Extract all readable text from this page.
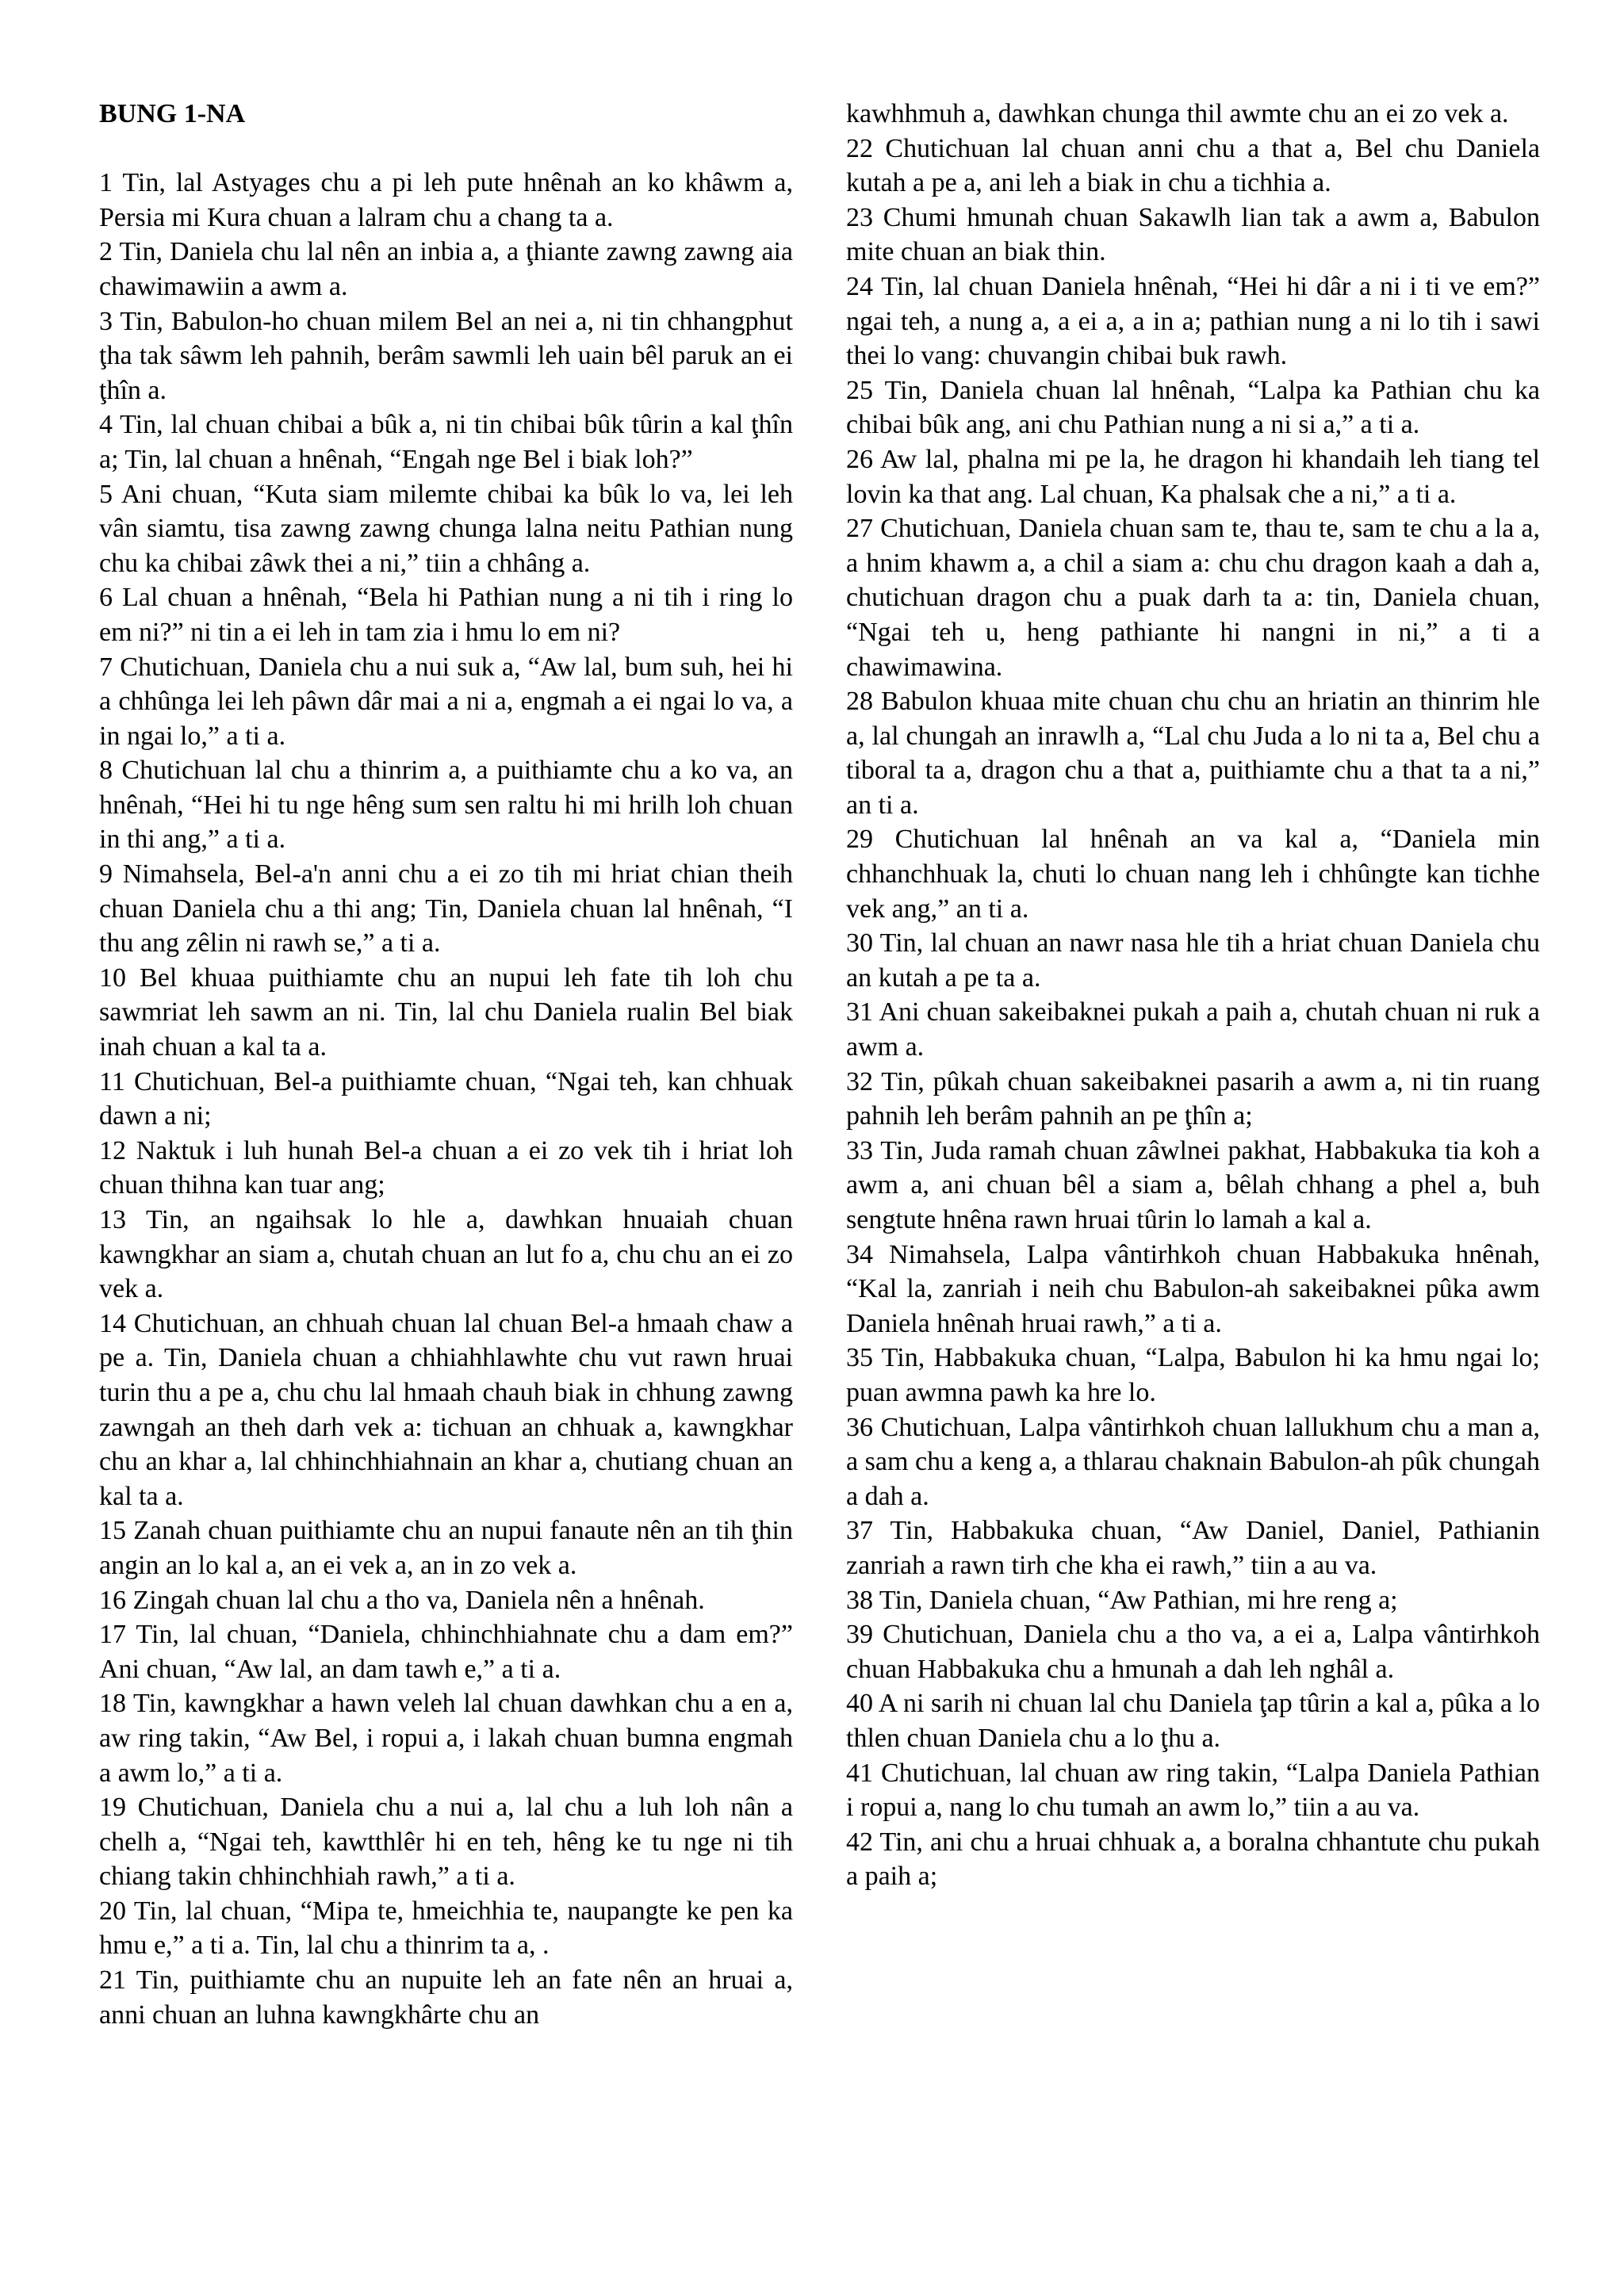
BUNG 1-NA

1 Tin, lal Astyages chu a pi leh pute hnênah an ko khâwm a, Persia mi Kura chuan a lalram chu a chang ta a.

2 Tin, Daniela chu lal nên an inbia a, a ţhiante zawng zawng aia chawimawiin a awm a.

3 Tin, Babulon-ho chuan milem Bel an nei a, ni tin chhangphut ţha tak sâwm leh pahnih, berâm sawmli leh uain bêl paruk an ei ţhîn a.

4 Tin, lal chuan chibai a bûk a, ni tin chibai bûk tûrin a kal ţhîn a; Tin, lal chuan a hnênah, “Engah nge Bel i biak loh?”

5 Ani chuan, “Kuta siam milemte chibai ka bûk lo va, lei leh vân siamtu, tisa zawng zawng chunga lalna neitu Pathian nung chu ka chibai zâwk thei a ni,” tiin a chhâng a.

6 Lal chuan a hnênah, “Bela hi Pathian nung a ni tih i ring lo em ni?” ni tin a ei leh in tam zia i hmu lo em ni?

7 Chutichuan, Daniela chu a nui suk a, “Aw lal, bum suh, hei hi a chhûnga lei leh pâwn dâr mai a ni a, engmah a ei ngai lo va, a in ngai lo,” a ti a.

8 Chutichuan lal chu a thinrim a, a puithiamte chu a ko va, an hnênah, “Hei hi tu nge hêng sum sen raltu hi mi hrilh loh chuan in thi ang,” a ti a.

9 Nimahsela, Bel-a'n anni chu a ei zo tih mi hriat chian theih chuan Daniela chu a thi ang; Tin, Daniela chuan lal hnênah, “I thu ang zêlin ni rawh se,” a ti a.

10 Bel khuaa puithiamte chu an nupui leh fate tih loh chu sawmriat leh sawm an ni. Tin, lal chu Daniela rualin Bel biak inah chuan a kal ta a.

11 Chutichuan, Bel-a puithiamte chuan, “Ngai teh, kan chhuak dawn a ni;

12 Naktuk i luh hunah Bel-a chuan a ei zo vek tih i hriat loh chuan thihna kan tuar ang;

13 Tin, an ngaihsak lo hle a, dawhkan hnuaiah chuan kawngkhar an siam a, chutah chuan an lut fo a, chu chu an ei zo vek a.

14 Chutichuan, an chhuah chuan lal chuan Bel-a hmaah chaw a pe a. Tin, Daniela chuan a chhiahhlawhte chu vut rawn hruai turin thu a pe a, chu chu lal hmaah chauh biak in chhung zawng zawngah an theh darh vek a: tichuan an chhuak a, kawngkhar chu an khar a, lal chhinchhiahnain an khar a, chutiang chuan an kal ta a.

15 Zanah chuan puithiamte chu an nupui fanaute nên an tih ţhin angin an lo kal a, an ei vek a, an in zo vek a.

16 Zingah chuan lal chu a tho va, Daniela nên a hnênah.

17 Tin, lal chuan, “Daniela, chhinchhiahnate chu a dam em?” Ani chuan, “Aw lal, an dam tawh e,” a ti a.

18 Tin, kawngkhar a hawn veleh lal chuan dawhkan chu a en a, aw ring takin, “Aw Bel, i ropui a, i lakah chuan bumna engmah a awm lo,” a ti a.

19 Chutichuan, Daniela chu a nui a, lal chu a luh loh nân a chelh a, “Ngai teh, kawtthlêr hi en teh, hêng ke tu nge ni tih chiang takin chhinchhiah rawh,” a ti a.

20 Tin, lal chuan, “Mipa te, hmeichhia te, naupangte ke pen ka hmu e,” a ti a. Tin, lal chu a thinrim ta a, .

21 Tin, puithiamte chu an nupuite leh an fate nên an hruai a, anni chuan an luhna kawngkhârte chu an

kawhhmuh a, dawhkan chunga thil awmte chu an ei zo vek a.

22 Chutichuan lal chuan anni chu a that a, Bel chu Daniela kutah a pe a, ani leh a biak in chu a tichhia a.

23 Chumi hmunah chuan Sakawlh lian tak a awm a, Babulon mite chuan an biak thin.

24 Tin, lal chuan Daniela hnênah, “Hei hi dâr a ni i ti ve em?” ngai teh, a nung a, a ei a, a in a; pathian nung a ni lo tih i sawi thei lo vang: chuvangin chibai buk rawh.

25 Tin, Daniela chuan lal hnênah, “Lalpa ka Pathian chu ka chibai bûk ang, ani chu Pathian nung a ni si a,” a ti a.

26 Aw lal, phalna mi pe la, he dragon hi khandaih leh tiang tel lovin ka that ang. Lal chuan, Ka phalsak che a ni,” a ti a.

27 Chutichuan, Daniela chuan sam te, thau te, sam te chu a la a, a hnim khawm a, a chil a siam a: chu chu dragon kaah a dah a, chutichuan dragon chu a puak darh ta a: tin, Daniela chuan, “Ngai teh u, heng pathiante hi nangni in ni,” a ti a chawimawina.

28 Babulon khuaa mite chuan chu chu an hriatin an thinrim hle a, lal chungah an inrawlh a, “Lal chu Juda a lo ni ta a, Bel chu a tiboral ta a, dragon chu a that a, puithiamte chu a that ta a ni,” an ti a.

29 Chutichuan lal hnênah an va kal a, “Daniela min chhanchhuak la, chuti lo chuan nang leh i chhûngte kan tichhe vek ang,” an ti a.

30 Tin, lal chuan an nawr nasa hle tih a hriat chuan Daniela chu an kutah a pe ta a.

31 Ani chuan sakeibaknei pukah a paih a, chutah chuan ni ruk a awm a.

32 Tin, pûkah chuan sakeibaknei pasarih a awm a, ni tin ruang pahnih leh berâm pahnih an pe ţhîn a;

33 Tin, Juda ramah chuan zâwlnei pakhat, Habbakuka tia koh a awm a, ani chuan bêl a siam a, bêlah chhang a phel a, buh sengtute hnêna rawn hruai tûrin lo lamah a kal a.

34 Nimahsela, Lalpa vântirhkoh chuan Habbakuka hnênah, “Kal la, zanriah i neih chu Babulon-ah sakeibaknei pûka awm Daniela hnênah hruai rawh,” a ti a.

35 Tin, Habbakuka chuan, “Lalpa, Babulon hi ka hmu ngai lo; puan awmna pawh ka hre lo.

36 Chutichuan, Lalpa vântirhkoh chuan lallukhum chu a man a, a sam chu a keng a, a thlarau chaknain Babulon-ah pûk chungah a dah a.

37 Tin, Habbakuka chuan, “Aw Daniel, Daniel, Pathianin zanriah a rawn tirh che kha ei rawh,” tiin a au va.

38 Tin, Daniela chuan, “Aw Pathian, mi hre reng a;

39 Chutichuan, Daniela chu a tho va, a ei a, Lalpa vântirhkoh chuan Habbakuka chu a hmunah a dah leh nghâl a.

40 A ni sarih ni chuan lal chu Daniela ţap tûrin a kal a, pûka a lo thlen chuan Daniela chu a lo ţhu a.

41 Chutichuan, lal chuan aw ring takin, “Lalpa Daniela Pathian i ropui a, nang lo chu tumah an awm lo,” tiin a au va.

42 Tin, ani chu a hruai chhuak a, a boralna chhantute chu pukah a paih a;
